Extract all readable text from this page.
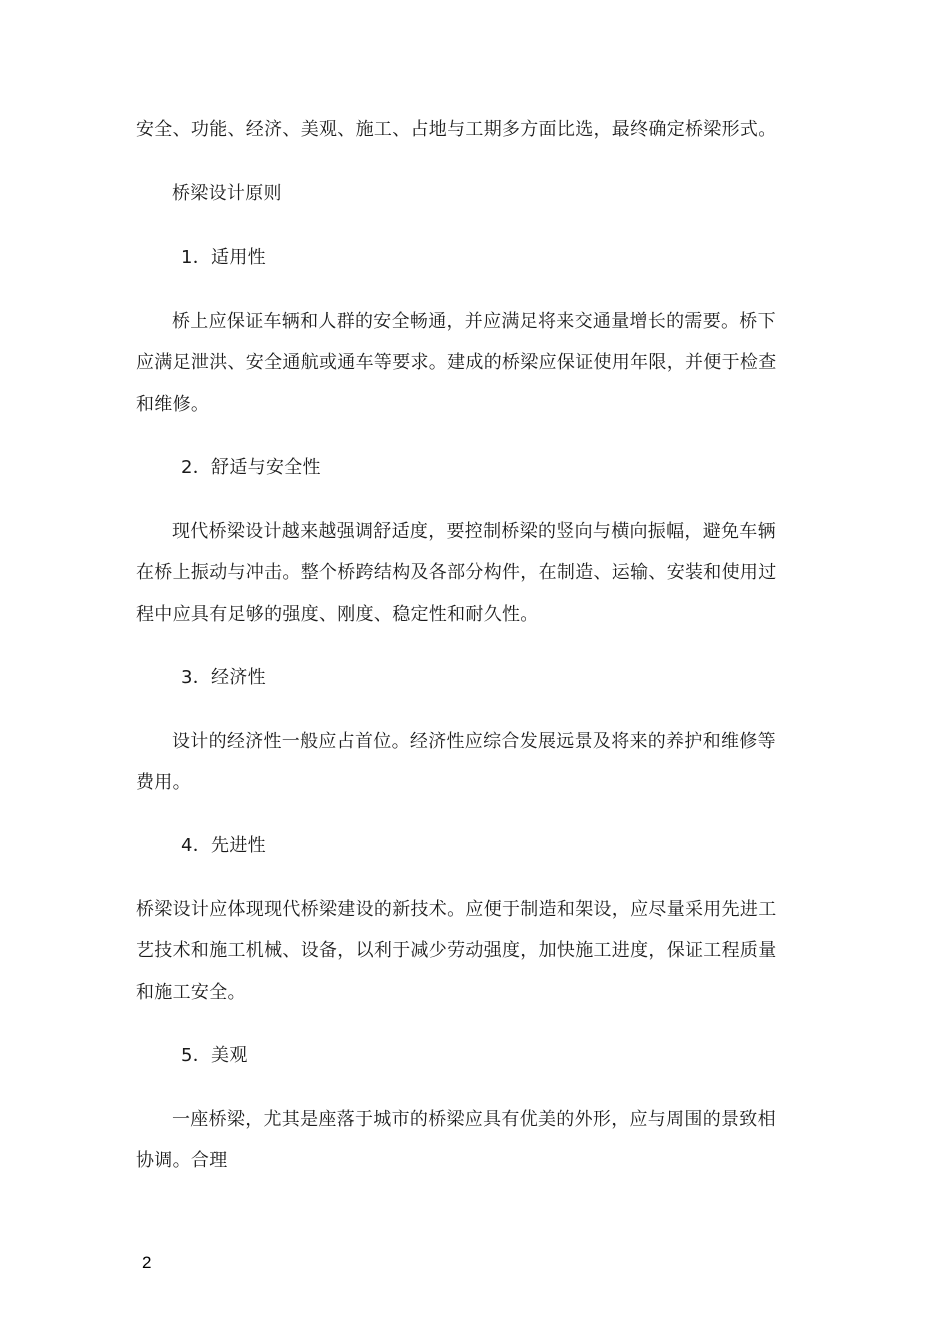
安全、功能、经济、美观、施工、占地与工期多方面比选，最终确定桥梁形式。
桥梁设计原则
1．适用性
桥上应保证车辆和人群的安全畅通，并应满足将来交通量增长的需要。桥下
应满足泄洪、安全通航或通车等要求。建成的桥梁应保证使用年限，并便于检查
和维修。
2．舒适与安全性
现代桥梁设计越来越强调舒适度，要控制桥梁的竖向与横向振幅，避免车辆
在桥上振动与冲击。整个桥跨结构及各部分构件，在制造、运输、安装和使用过
程中应具有足够的强度、刚度、稳定性和耐久性。
3．经济性
设计的经济性一般应占首位。经济性应综合发展远景及将来的养护和维修等
费用。
4．先进性
桥梁设计应体现现代桥梁建设的新技术。应便于制造和架设，应尽量采用先进工
艺技术和施工机械、设备，以利于减少劳动强度，加快施工进度，保证工程质量
和施工安全。
5．美观
一座桥梁，尤其是座落于城市的桥梁应具有优美的外形，应与周围的景致相
协调。合理
2
